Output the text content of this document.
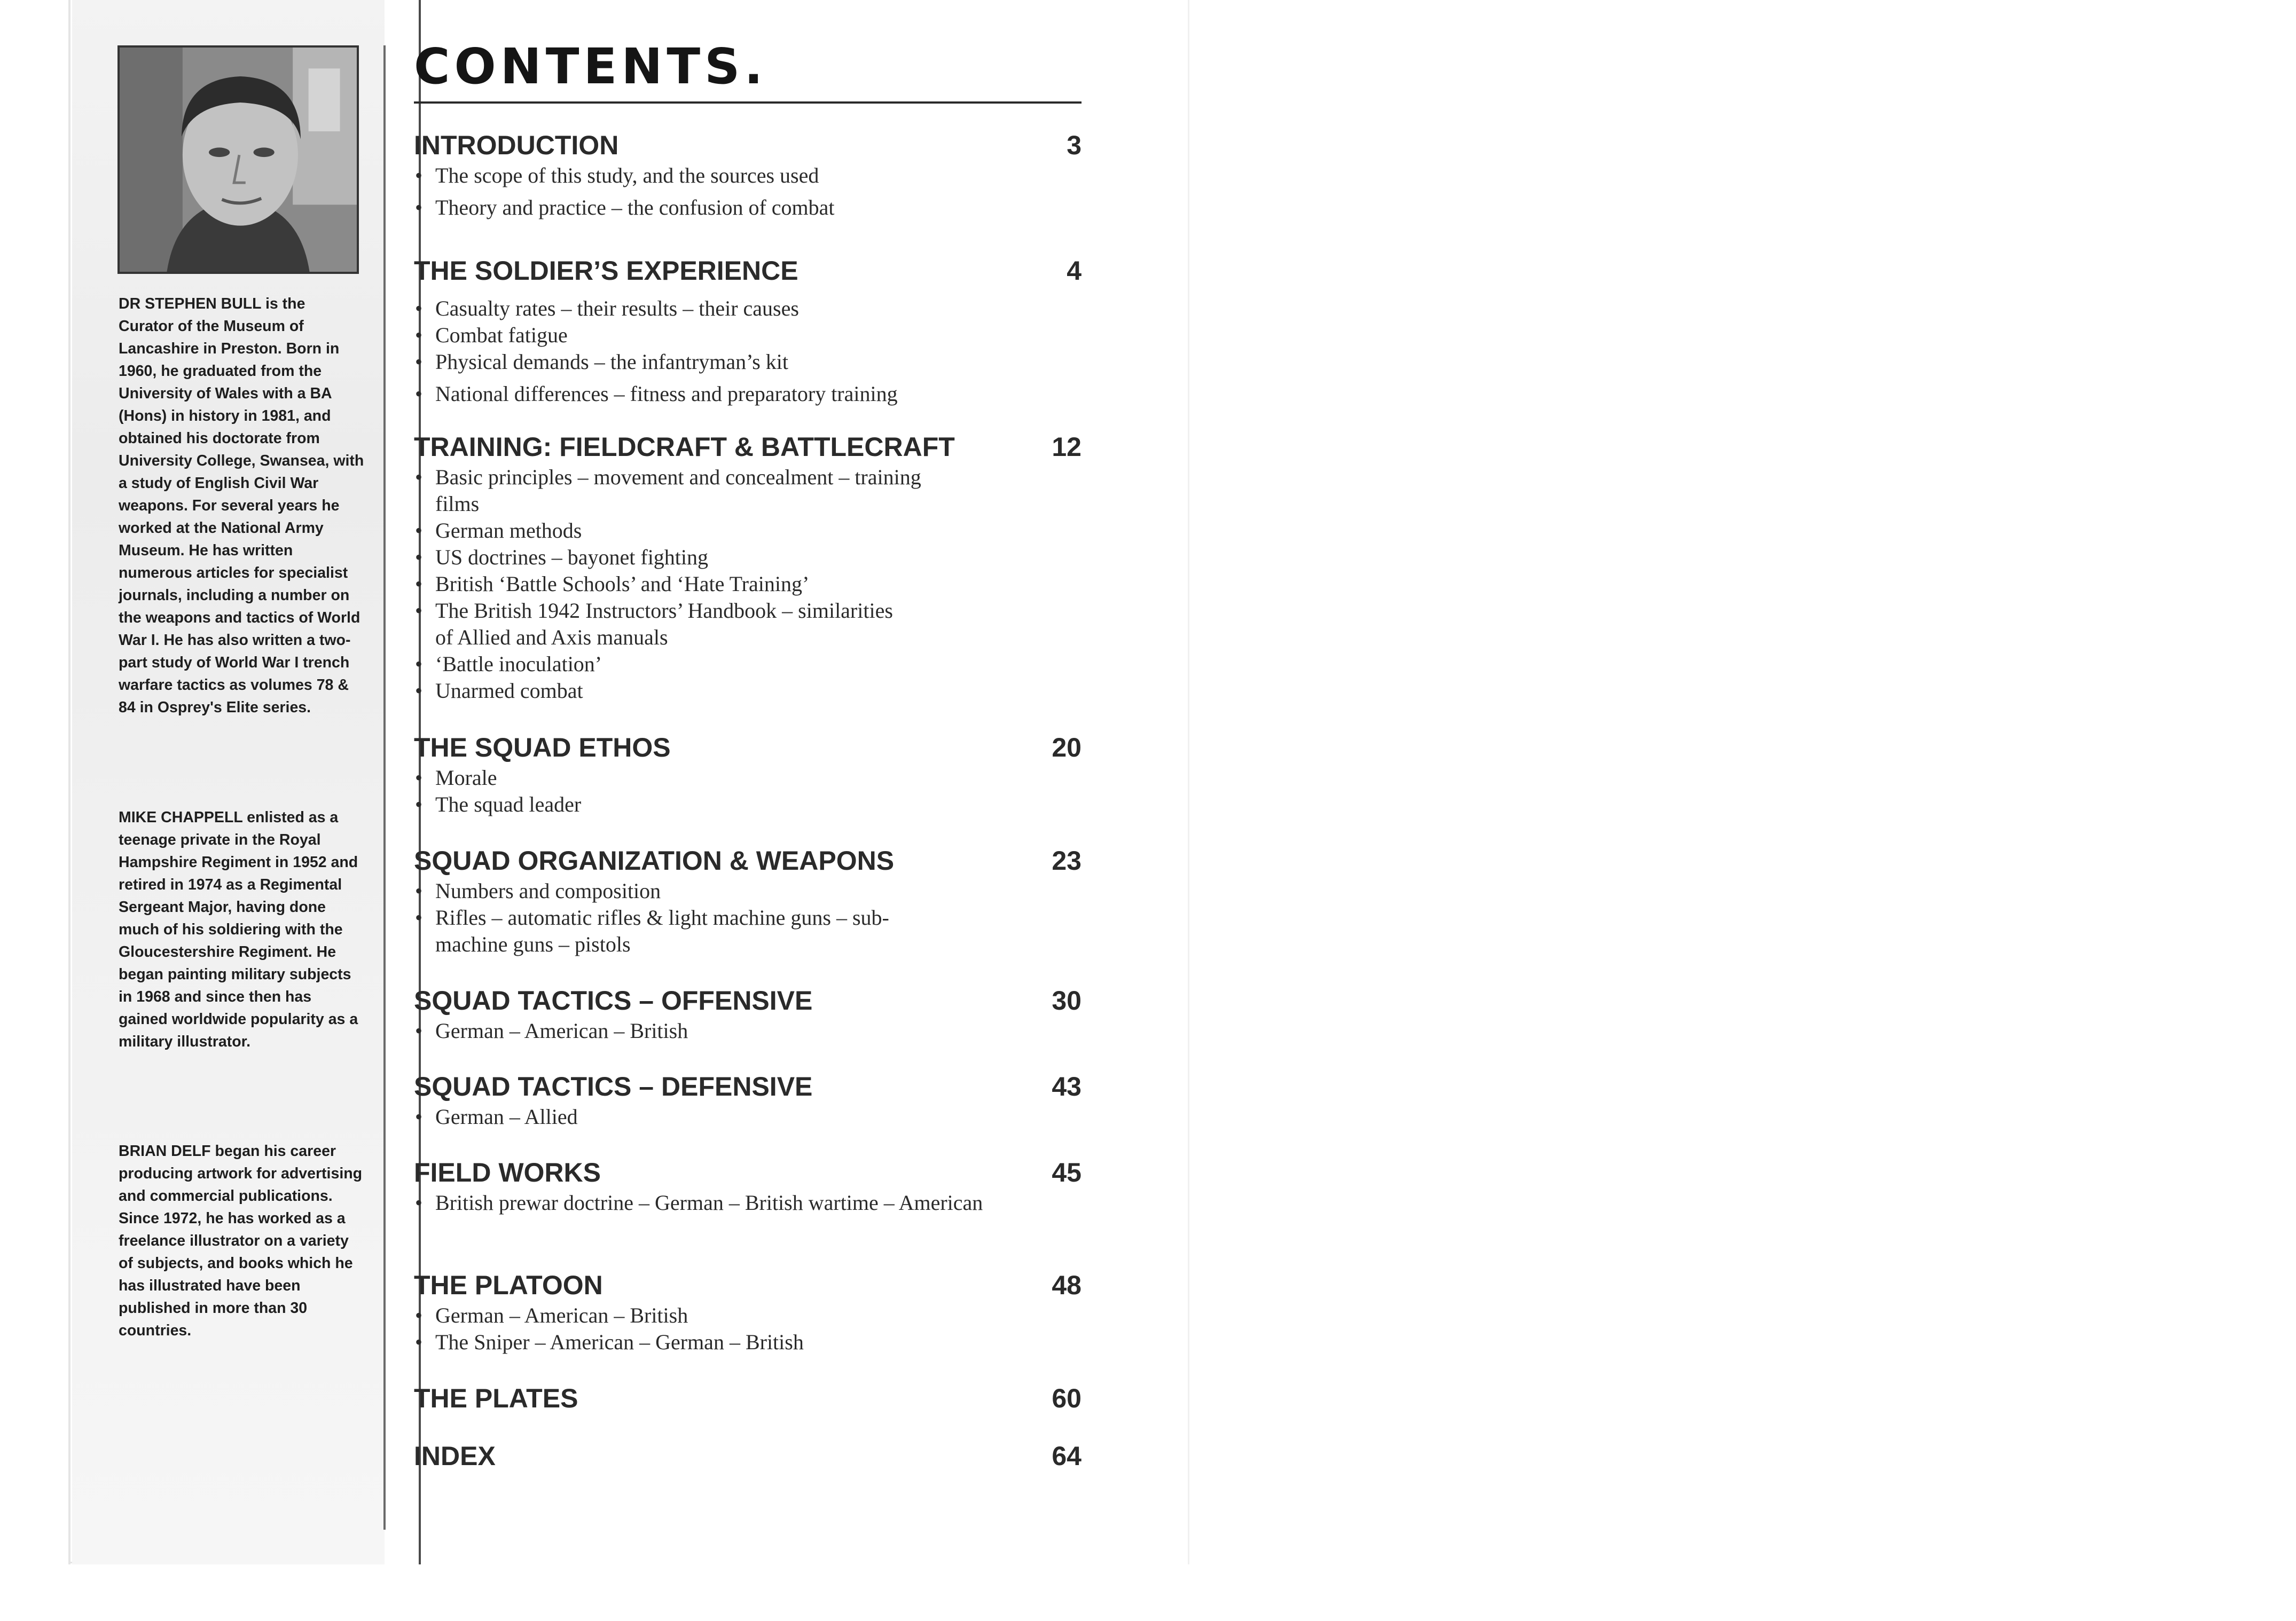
DR STEPHEN BULL is the Curator of the Museum of Lancashire in Preston. Born in 1960, he graduated from the University of Wales with a BA (Hons) in history in 1981, and obtained his doctorate from University College, Swansea, with a study of English Civil War weapons. For several years he worked at the National Army Museum. He has written numerous articles for specialist journals, including a number on the weapons and tactics of World War I. He has also written a two-part study of World War I trench warfare tactics as volumes 78 & 84 in Osprey's Elite series.

MIKE CHAPPELL enlisted as a teenage private in the Royal Hampshire Regiment in 1952 and retired in 1974 as a Regimental Sergeant Major, having done much of his soldiering with the Gloucestershire Regiment. He began painting military subjects in 1968 and since then has gained worldwide popularity as a military illustrator.

BRIAN DELF began his career producing artwork for advertising and commercial publications. Since 1972, he has worked as a freelance illustrator on a variety of subjects, and books which he has illustrated have been published in more than 30 countries.

CONTENTS.
INTRODUCTION	3
• The scope of this study, and the sources used
• Theory and practice – the confusion of combat
THE SOLDIER’S EXPERIENCE	4
• Casualty rates – their results – their causes
• Combat fatigue
• Physical demands – the infantryman’s kit
• National differences – fitness and preparatory training
TRAINING: FIELDCRAFT & BATTLECRAFT	12
• Basic principles – movement and concealment – training films
• German methods
• US doctrines – bayonet fighting
• British ‘Battle Schools’ and ‘Hate Training’
• The British 1942 Instructors’ Handbook – similarities of Allied and Axis manuals
• ‘Battle inoculation’
• Unarmed combat
THE SQUAD ETHOS	20
• Morale
• The squad leader
SQUAD ORGANIZATION & WEAPONS	23
• Numbers and composition
• Rifles – automatic rifles & light machine guns – sub-machine guns – pistols
SQUAD TACTICS – OFFENSIVE	30
• German – American – British
SQUAD TACTICS – DEFENSIVE	43
• German – Allied
FIELD WORKS	45
• British prewar doctrine – German – British wartime – American
THE PLATOON	48
• German – American – British
• The Sniper – American – German – British
THE PLATES	60
INDEX	64
